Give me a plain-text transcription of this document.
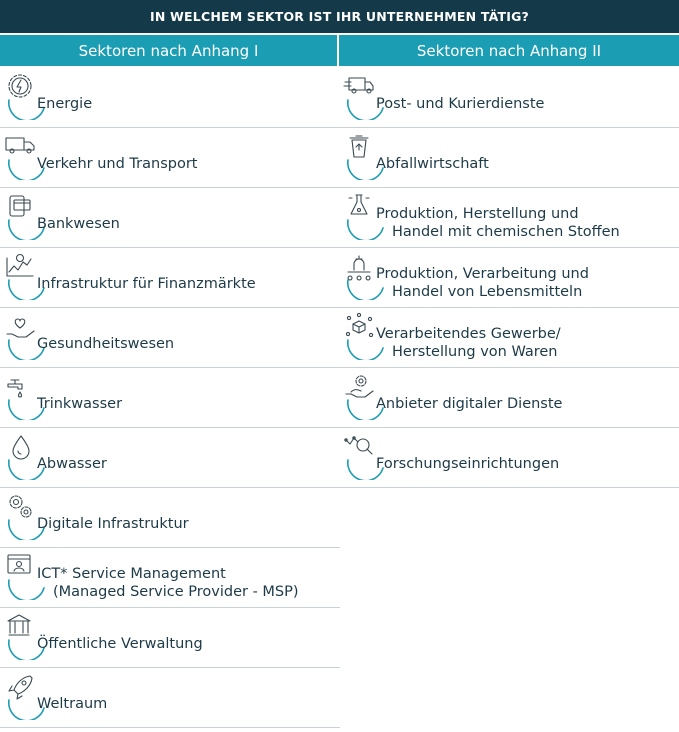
IN WELCHEM SEKTOR IST IHR UNTERNEHMEN TÄTIG?
Sektoren nach Anhang I	Sektoren nach Anhang II
Energie
Verkehr und Transport
Bankwesen
Infrastruktur für Finanzmärkte
Gesundheitswesen
Trinkwasser
Abwasser
Digitale Infrastruktur
ICT* Service Management
(Managed Service Provider - MSP)
Öffentliche Verwaltung
Weltraum
Post- und Kurierdienste
Abfallwirtschaft
Produktion, Herstellung und
Handel mit chemischen Stoffen
Produktion, Verarbeitung und
Handel von Lebensmitteln
Verarbeitendes Gewerbe/
Herstellung von Waren
Anbieter digitaler Dienste
Forschungseinrichtungen
